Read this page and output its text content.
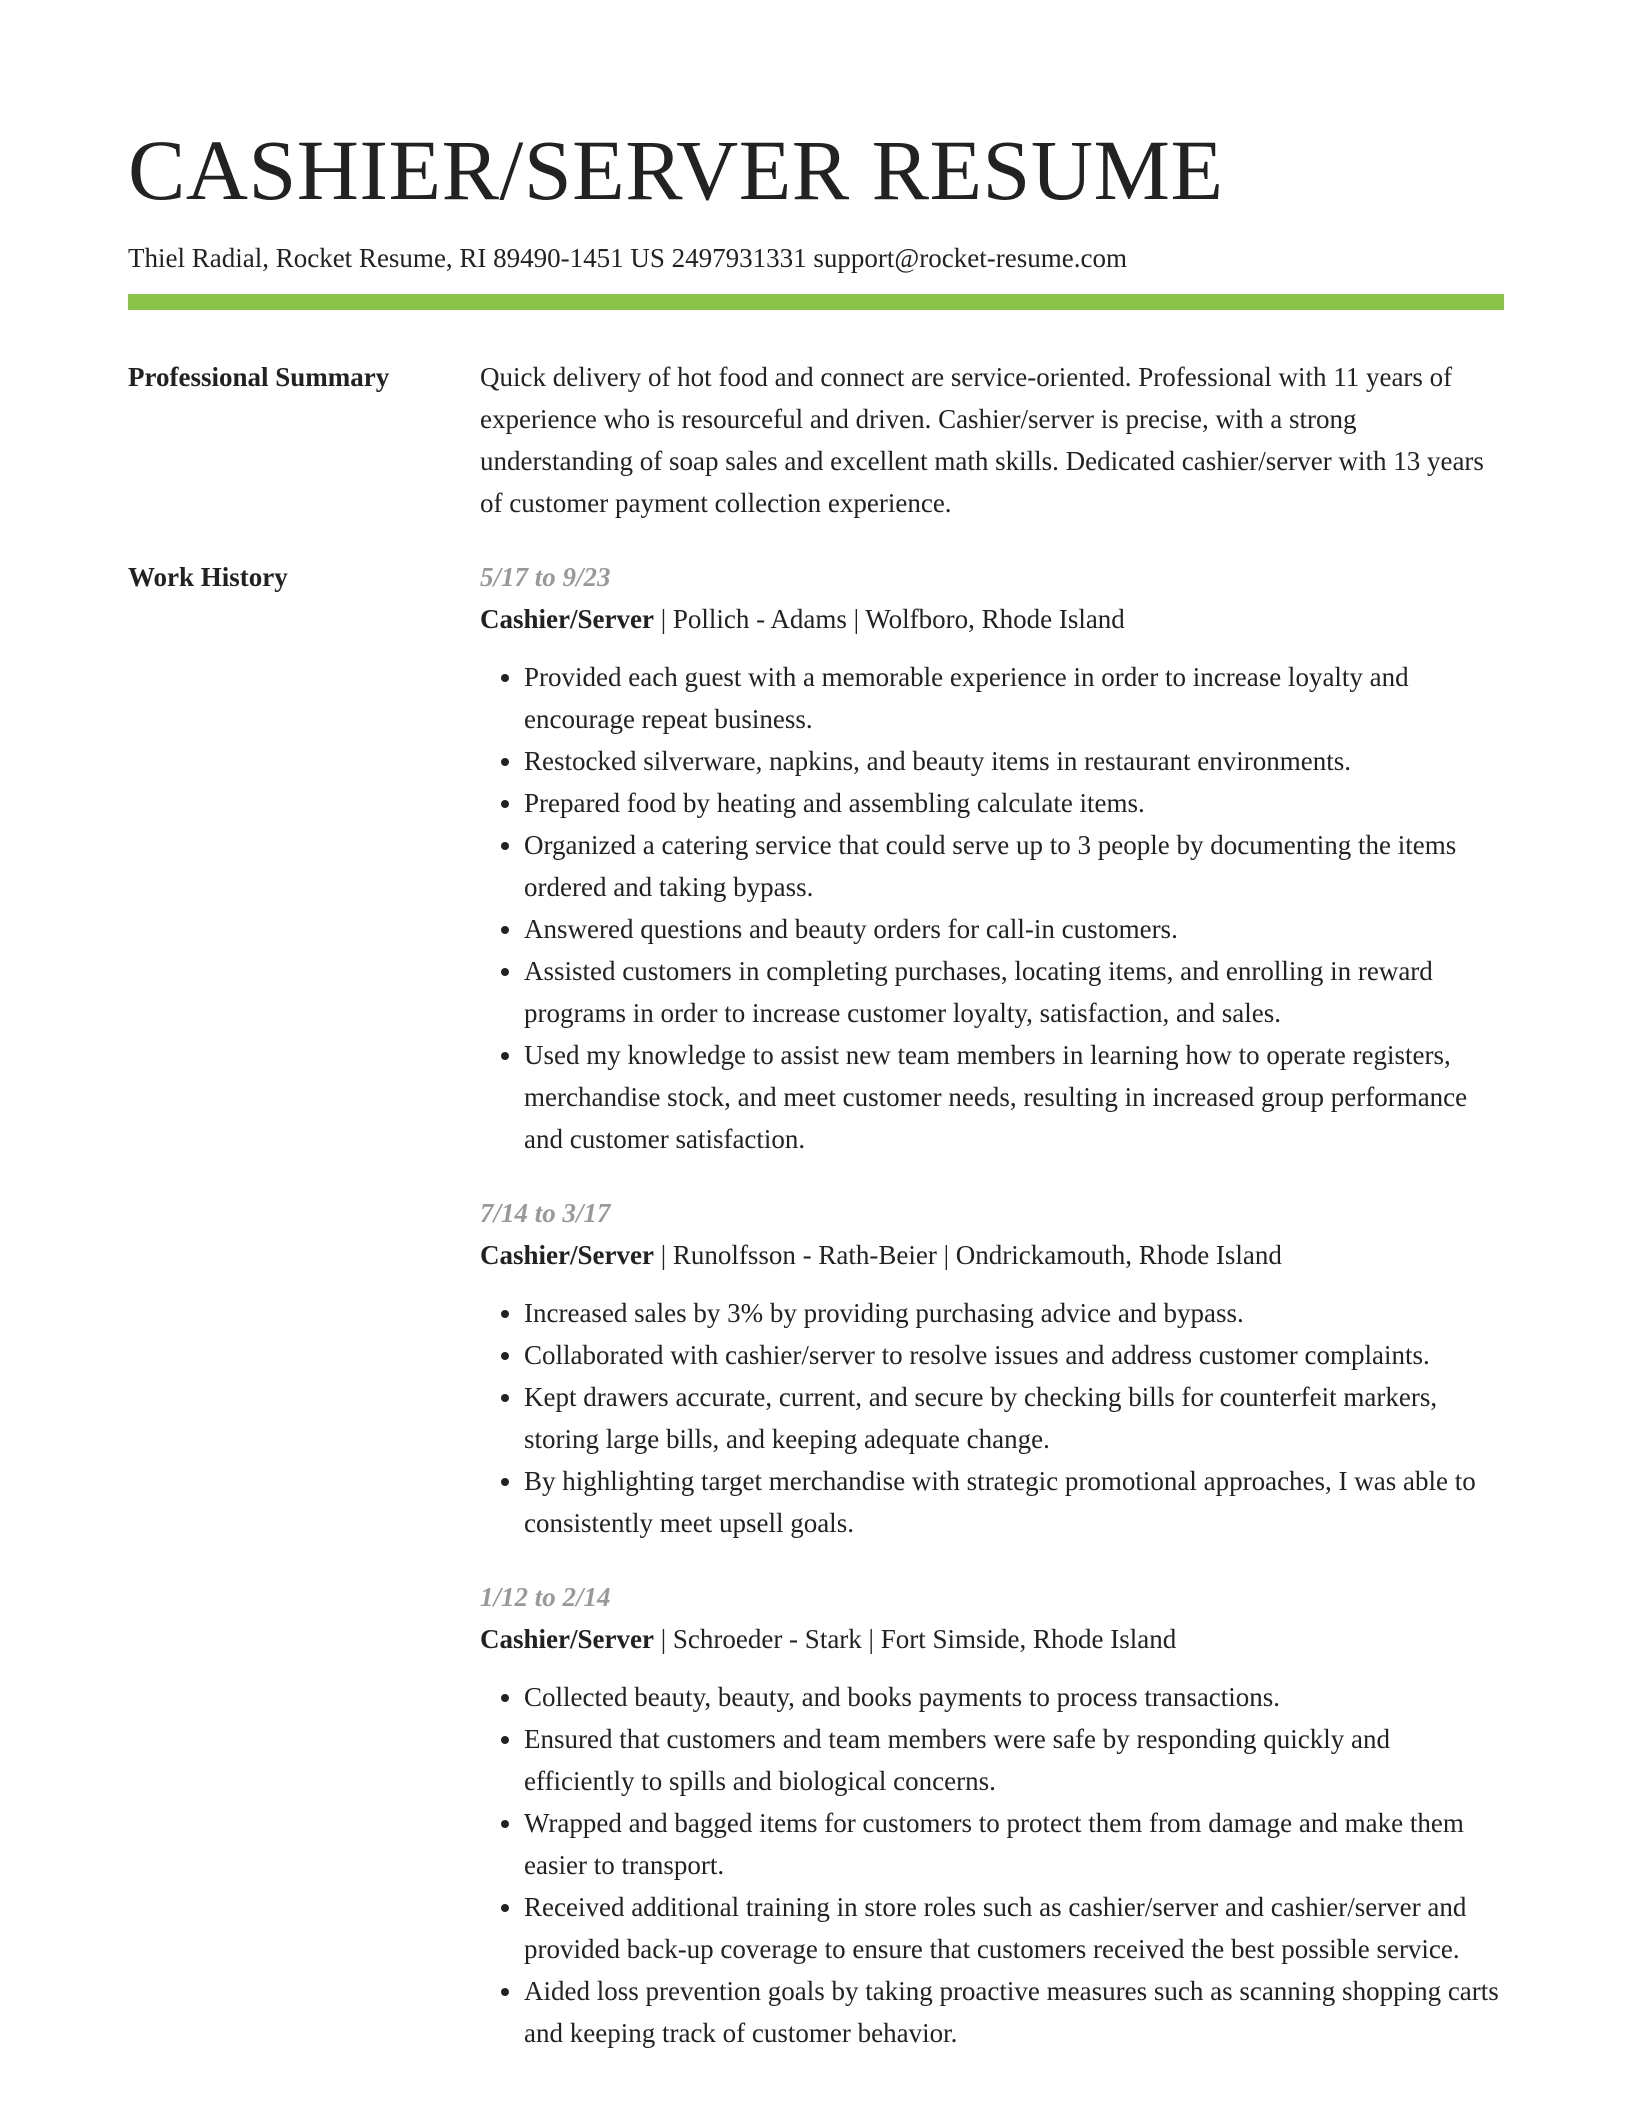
CASHIER/SERVER RESUME
Thiel Radial, Rocket Resume, RI 89490-1451 US 2497931331 support@rocket-resume.com
Professional Summary	Quick delivery of hot food and connect are service-oriented. Professional with 11 years of experience who is resourceful and driven. Cashier/server is precise, with a strong understanding of soap sales and excellent math skills. Dedicated cashier/server with 13 years of customer payment collection experience.

Work History	5/17 to 9/23
Cashier/Server | Pollich - Adams | Wolfboro, Rhode Island
• Provided each guest with a memorable experience in order to increase loyalty and encourage repeat business.
• Restocked silverware, napkins, and beauty items in restaurant environments.
• Prepared food by heating and assembling calculate items.
• Organized a catering service that could serve up to 3 people by documenting the items ordered and taking bypass.
• Answered questions and beauty orders for call-in customers.
• Assisted customers in completing purchases, locating items, and enrolling in reward programs in order to increase customer loyalty, satisfaction, and sales.
• Used my knowledge to assist new team members in learning how to operate registers, merchandise stock, and meet customer needs, resulting in increased group performance and customer satisfaction.
7/14 to 3/17
Cashier/Server | Runolfsson - Rath-Beier | Ondrickamouth, Rhode Island
• Increased sales by 3% by providing purchasing advice and bypass.
• Collaborated with cashier/server to resolve issues and address customer complaints.
• Kept drawers accurate, current, and secure by checking bills for counterfeit markers, storing large bills, and keeping adequate change.
• By highlighting target merchandise with strategic promotional approaches, I was able to consistently meet upsell goals.
1/12 to 2/14
Cashier/Server | Schroeder - Stark | Fort Simside, Rhode Island
• Collected beauty, beauty, and books payments to process transactions.
• Ensured that customers and team members were safe by responding quickly and efficiently to spills and biological concerns.
• Wrapped and bagged items for customers to protect them from damage and make them easier to transport.
• Received additional training in store roles such as cashier/server and cashier/server and provided back-up coverage to ensure that customers received the best possible service.
• Aided loss prevention goals by taking proactive measures such as scanning shopping carts and keeping track of customer behavior.
